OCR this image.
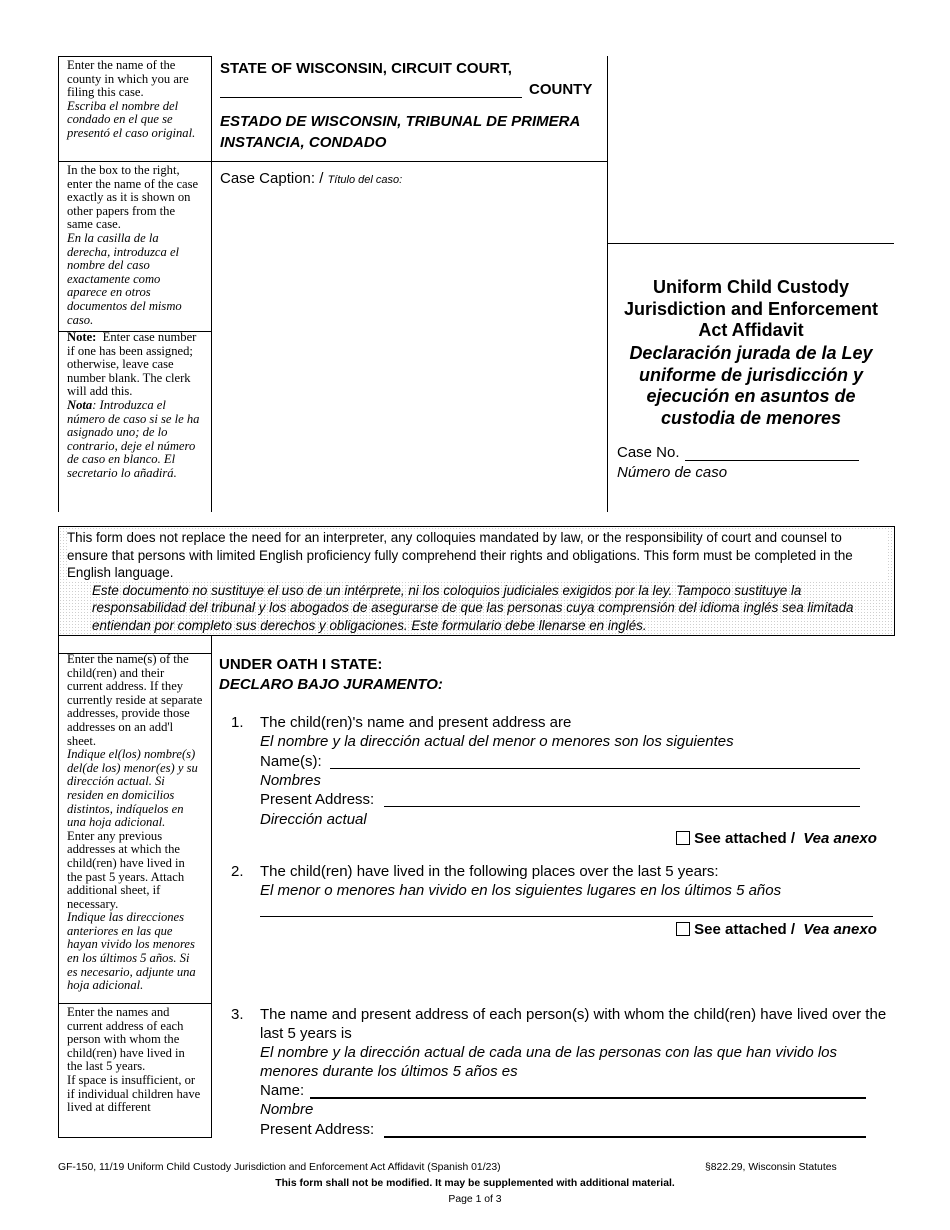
Enter the name of the county in which you are filing this case.

Escriba el nombre del condado en el que se presentó el caso original.

In the box to the right, enter the name of the case exactly as it is shown on other papers from the same case.

En la casilla de la derecha, introduzca el nombre del caso exactamente como aparece en otros documentos del mismo caso.

Note: Enter case number if one has been assigned; otherwise, leave case number blank. The clerk will add this.

Nota: Introduzca el número de caso si se le ha asignado uno; de lo contrario, deje el número de caso en blanco. El secretario lo añadirá.

STATE OF WISCONSIN, CIRCUIT COURT,
COUNTY
ESTADO DE WISCONSIN, TRIBUNAL DE PRIMERA INSTANCIA, CONDADO
Case Caption: / Título del caso:
Uniform Child Custody Jurisdiction and Enforcement Act Affidavit
Declaración jurada de la Ley uniforme de jurisdicción y ejecución en asuntos de custodia de menores
Case No.
Número de caso
This form does not replace the need for an interpreter, any colloquies mandated by law, or the responsibility of court and counsel to ensure that persons with limited English proficiency fully comprehend their rights and obligations. This form must be completed in the English language.
Este documento no sustituye el uso de un intérprete, ni los coloquios judiciales exigidos por la ley. Tampoco sustituye la responsabilidad del tribunal y los abogados de asegurarse de que las personas cuya comprensión del idioma inglés sea limitada entiendan por completo sus derechos y obligaciones. Este formulario debe llenarse en inglés.

Enter the name(s) of the child(ren) and their current address. If they currently reside at separate addresses, provide those addresses on an add'l sheet.

Indique el(los) nombre(s) del(de los) menor(es) y su dirección actual. Si residen en domicilios distintos, indíquelos en una hoja adicional.

Enter any previous addresses at which the child(ren) have lived in the past 5 years. Attach additional sheet, if necessary.

Indique las direcciones anteriores en las que hayan vivido los menores en los últimos 5 años. Si es necesario, adjunte una hoja adicional.

Enter the names and current address of each person with whom the child(ren) have lived in the last 5 years.

If space is insufficient, or if individual children have lived at different

UNDER OATH I STATE:
DECLARO BAJO JURAMENTO:
1. The child(ren)'s name and present address are
El nombre y la dirección actual del menor o menores son los siguientes
Name(s):
Nombres
Present Address:
Dirección actual
See attached / Vea anexo
2. The child(ren) have lived in the following places over the last 5 years:
El menor o menores han vivido en los siguientes lugares en los últimos 5 años
See attached / Vea anexo
3. The name and present address of each person(s) with whom the child(ren) have lived over the last 5 years is
El nombre y la dirección actual de cada una de las personas con las que han vivido los menores durante los últimos 5 años es
Name:
Nombre
Present Address:
GF-150, 11/19 Uniform Child Custody Jurisdiction and Enforcement Act Affidavit (Spanish 01/23)	§822.29, Wisconsin Statutes
This form shall not be modified. It may be supplemented with additional material.
Page 1 of 3
